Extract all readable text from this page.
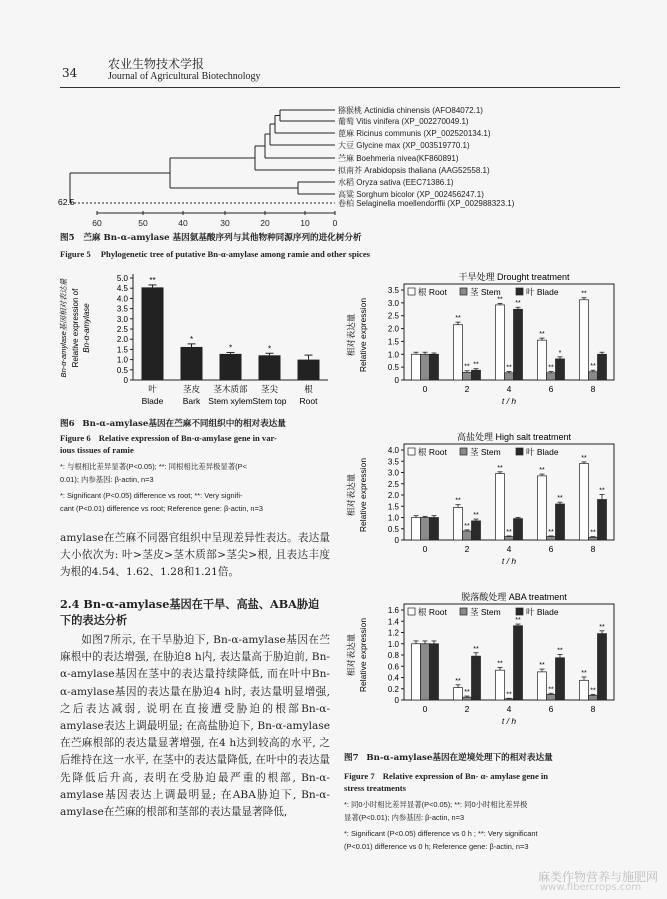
34
农业生物技术学报
Journal of Agricultural Biotechnology
猕猴桃 Actinidia chinensis (AFO84072.1)
葡萄 Vitis vinifera (XP_002270049.1)
蓖麻 Ricinus communis (XP_002520134.1)
大豆 Glycine max (XP_003519770.1)
苎麻 Boehmeria nivea(KF860891)
拟南芥 Arabidopsis thaliana (AAG52558.1)
水稻 Oryza sativa (EEC71386.1)
高粱 Sorghum bicolor (XP_002456247.1)
卷柏 Selaginella moellendorffii (XP_002988323.1)
60	50	40	30	20	10	0
62.5
图5 苎麻 Bn-α-amylase 基因氨基酸序列与其他物种同源序列的进化树分析
Figure 5 Phylogenetic tree of putative Bn-α-amylase among ramie and other spices
Bn-α-amylase基因相对表达量 Relative expression of Bn-α-amylase
0
0.5
1.0
1.5
2.0
2.5
3.0
3.5
4.0
4.5
5.0	**
叶
Blade
*
茎皮
Bark
*
茎木质部
Stem xylem
*
茎尖
Stem top
根
Root
图6 Bn-α-amylase基因在苎麻不同组织中的相对表达量
Figure 6 Relative expression of Bn-α-amylase gene in var-
ious tissues of ramie
*: 与根相比差异显著(P<0.05); **: 同根相比差异极显著(P<
0.01); 内参基因: β-actin, n=3
*: Significant (P<0.05) difference vs root; **: Very signifi-
cant (P<0.01) difference vs root; Reference gene: β-actin, n=3
amylase在苎麻不同器官组织中呈现差异性表达。表达量大小依次为: 叶>茎皮>茎木质部>茎尖>根, 且表达丰度为根的4.54、1.62、1.28和1.21倍。
2.4 Bn-α-amylase基因在干旱、高盐、ABA胁迫下的表达分析
如图7所示, 在干旱胁迫下, Bn-α-amylase基因在苎麻根中的表达增强, 在胁迫8 h内, 表达量高于胁迫前, Bn-α-amylase基因在茎中的表达量持续降低, 而在叶中Bn-α-amylase基因的表达量在胁迫4 h时, 表达量明显增强, 之后表达减弱, 说明在直接遭受胁迫的根部Bn-α-amylase表达上调最明显; 在高盐胁迫下, Bn-α-amylase在苎麻根部的表达量显著增强, 在4 h达到较高的水平, 之后维持在这一水平, 在茎中的表达量降低, 在叶中的表达量先降低后升高, 表明在受胁迫最严重的根部, Bn-α-amylase基因表达上调最明显; 在ABA胁迫下, Bn-α-amylase在苎麻的根部和茎部的表达量显著降低,
干旱处理 Drought treatment
相对表达量 Relative expression
0
0.5
1.0
1.5
2.0
2.5
3.0
3.5 根 Root	茎 Stem	叶 Blade
0	2
**
** **
4
**
**
**
6
**
**
*
8
**
**
t / h
高盐处理 High salt treatment
相对表达量 Relative expression
0
0.5
1.0
1.5
2.0
2.5
3.0
3.5
4.0 根 Root	茎 Stem	叶 Blade
0	2
**
**
**
4
**
**
6
**
**
**
8
**
**
**
t / h
脱落酸处理 ABA treatment
相对表达量 Relative expression
0
0.2
0.4
0.6
0.8
1.0
1.2
1.4
1.6 根 Root	茎 Stem	叶 Blade
0	2
**
**
**
4
**
**
**
6
**
**
**
8
**
**
**
t / h
图7 Bn-α-amylase基因在逆境处理下的相对表达量
Figure 7 Relative expression of Bn- α- amylase gene in
stress treatments
*: 同0小时相比差异显著(P<0.05); **: 同0小时相比差异极
显著(P<0.01); 内参基因: β-actin, n=3
*: Significant (P<0.05) difference vs 0 h ; **: Very significant
(P<0.01) difference vs 0 h; Reference gene: β-actin, n=3
麻类作物营养与施肥网
www.fibercrops.com
